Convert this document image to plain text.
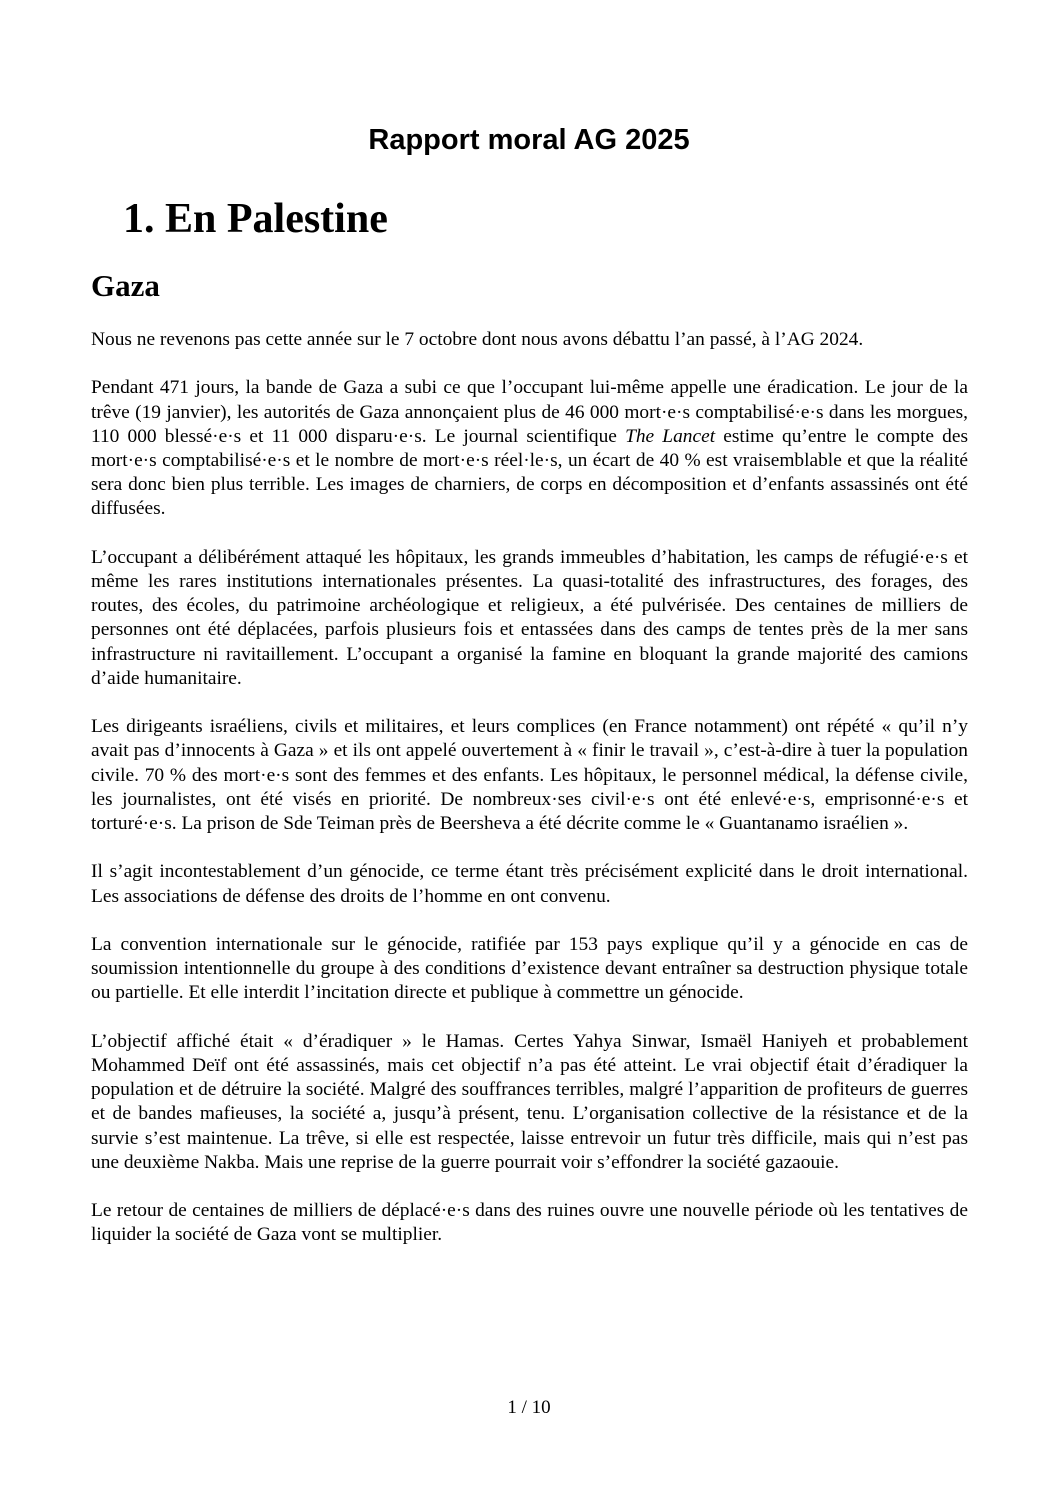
Rapport moral AG 2025
1. En Palestine
Gaza

Nous ne revenons pas cette année sur le 7 octobre dont nous avons débattu l’an passé, à l’AG 2024.

Pendant 471 jours, la bande de Gaza a subi ce que l’occupant lui-même appelle une éradication. Le jour de la trêve (19 janvier), les autorités de Gaza annonçaient plus de 46 000 mort·e·s comptabilisé·e·s dans les morgues, 110 000 blessé·e·s et 11 000 disparu·e·s. Le journal scientifique The Lancet estime qu’entre le compte des mort·e·s comptabilisé·e·s et le nombre de mort·e·s réel·le·s, un écart de 40 % est vraisemblable et que la réalité sera donc bien plus terrible. Les images de charniers, de corps en décomposition et d’enfants assassinés ont été diffusées.

L’occupant a délibérément attaqué les hôpitaux, les grands immeubles d’habitation, les camps de réfugié·e·s et même les rares institutions internationales présentes. La quasi-totalité des infrastructures, des forages, des routes, des écoles, du patrimoine archéologique et religieux, a été pulvérisée. Des centaines de milliers de personnes ont été déplacées, parfois plusieurs fois et entassées dans des camps de tentes près de la mer sans infrastructure ni ravitaillement. L’occupant a organisé la famine en bloquant la grande majorité des camions d’aide humanitaire.

Les dirigeants israéliens, civils et militaires, et leurs complices (en France notamment) ont répété « qu’il n’y avait pas d’innocents à Gaza » et ils ont appelé ouvertement à « finir le travail », c’est-à-dire à tuer la population civile. 70 % des mort·e·s sont des femmes et des enfants. Les hôpitaux, le personnel médical, la défense civile, les journalistes, ont été visés en priorité. De nombreux·ses civil·e·s ont été enlevé·e·s, emprisonné·e·s et torturé·e·s. La prison de Sde Teiman près de Beersheva a été décrite comme le « Guantanamo israélien ».

Il s’agit incontestablement d’un génocide, ce terme étant très précisément explicité dans le droit international. Les associations de défense des droits de l’homme en ont convenu.

La convention internationale sur le génocide, ratifiée par 153 pays explique qu’il y a génocide en cas de soumission intentionnelle du groupe à des conditions d’existence devant entraîner sa destruction physique totale ou partielle. Et elle interdit l’incitation directe et publique à commettre un génocide.

L’objectif affiché était « d’éradiquer » le Hamas. Certes Yahya Sinwar, Ismaël Haniyeh et probablement Mohammed Deïf ont été assassinés, mais cet objectif n’a pas été atteint. Le vrai objectif était d’éradiquer la population et de détruire la société. Malgré des souffrances terribles, malgré l’apparition de profiteurs de guerres et de bandes mafieuses, la société a, jusqu’à présent, tenu. L’organisation collective de la résistance et de la survie s’est maintenue. La trêve, si elle est respectée, laisse entrevoir un futur très difficile, mais qui n’est pas une deuxième Nakba. Mais une reprise de la guerre pourrait voir s’effondrer la société gazaouie.

Le retour de centaines de milliers de déplacé·e·s dans des ruines ouvre une nouvelle période où les tentatives de liquider la société de Gaza vont se multiplier.

1 / 10
